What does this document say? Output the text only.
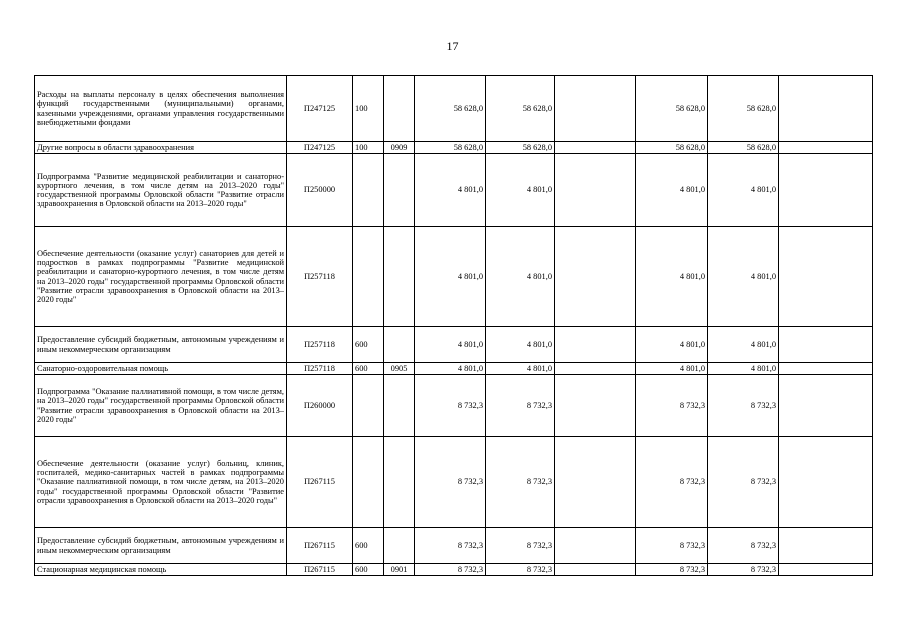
17
Расходы на выплаты персоналу в целях обеспечения выполнения функций государственными (муниципальными) органами, казенными учреждениями, органами управления государственными внебюджетными фондами	П247125	100		58 628,0	58 628,0		58 628,0	58 628,0	
Другие вопросы в области здравоохранения	П247125	100	0909	58 628,0	58 628,0		58 628,0	58 628,0	
Подпрограмма "Развитие медицинской реабилитации и санаторно-курортного лечения, в том числе детям на 2013–2020 годы" государственной программы Орловской области "Развитие отрасли здравоохранения в Орловской области на 2013–2020 годы"	П250000			4 801,0	4 801,0		4 801,0	4 801,0	
Обеспечение деятельности (оказание услуг) санаториев для детей и подростков в рамках подпрограммы "Развитие медицинской реабилитации и санаторно-курортного лечения, в том числе детям на 2013–2020 годы" государственной программы Орловской области "Развитие отрасли здравоохранения в Орловской области на 2013–2020 годы"	П257118			4 801,0	4 801,0		4 801,0	4 801,0	
Предоставление субсидий бюджетным, автономным учреждениям и иным некоммерческим организациям	П257118	600		4 801,0	4 801,0		4 801,0	4 801,0	
Санаторно-оздоровительная помощь	П257118	600	0905	4 801,0	4 801,0		4 801,0	4 801,0	
Подпрограмма "Оказание паллиативной помощи, в том числе детям, на 2013–2020 годы" государственной программы Орловской области "Развитие отрасли здравоохранения в Орловской области на 2013–2020 годы"	П260000			8 732,3	8 732,3		8 732,3	8 732,3	
Обеспечение деятельности (оказание услуг) больниц, клиник, госпиталей, медико-санитарных частей в рамках подпрограммы "Оказание паллиативной помощи, в том числе детям, на 2013–2020 годы" государственной программы Орловской области "Развитие отрасли здравоохранения в Орловской области на 2013–2020 годы"	П267115			8 732,3	8 732,3		8 732,3	8 732,3	
Предоставление субсидий бюджетным, автономным учреждениям и иным некоммерческим организациям	П267115	600		8 732,3	8 732,3		8 732,3	8 732,3	
Стационарная медицинская помощь	П267115	600	0901	8 732,3	8 732,3		8 732,3	8 732,3	
